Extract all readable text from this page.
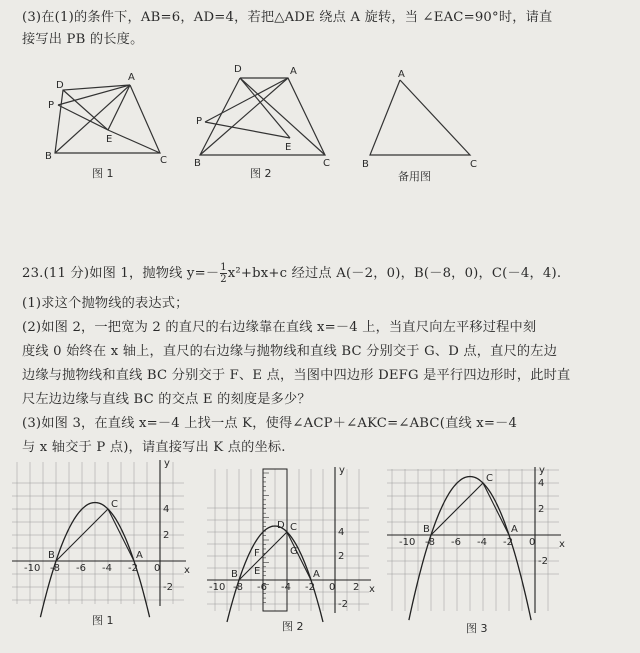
(3)在(1)的条件下，AB=6，AD=4，若把△ADE 绕点 A 旋转，当 ∠EAC=90°时，请直
接写出 PB 的长度。
A
D
P
E
B	C
图 1
D	A
P
E
B	C
图 2
A
B	C
备用图
23.(11 分)如图 1，抛物线 $y=- \frac{1}{2} x^2+bx+c$ 经过点 A(－2，0)，B(－8，0)，C(－4，4).
(1)求这个抛物线的表达式；
(2)如图 2，一把宽为 2 的直尺的右边缘靠在直线 x=－4 上，当直尺向左平移过程中刻
度线 0 始终在 x 轴上，直尺的右边缘与抛物线和直线 BC 分别交于 G、D 点，直尺的左边
边缘与抛物线和直线 BC 分别交于 F、E 点，当图中四边形 DEFG 是平行四边形时，此时直
尺左边边缘与直线 BC 的交点 E 的刻度是多少？
(3)如图 3，在直线 x=－4 上找一点 K，使得∠ACP＋∠AKC=∠ABC(直线 x=－4
与 x 轴交于 P 点)，请直接写出 K 点的坐标.
x
y
-10 -8 -6 -4 -2 0
4
2
-2
B
C
A
图 1
x
y
-10 -8 -6 -4 -2 0 2
4
2
-2
B
C
A
G
D
F
E
图 2
x
y
-10 -8 -6 -4 -2 0
4
2
-2
B
C
A
图 3
